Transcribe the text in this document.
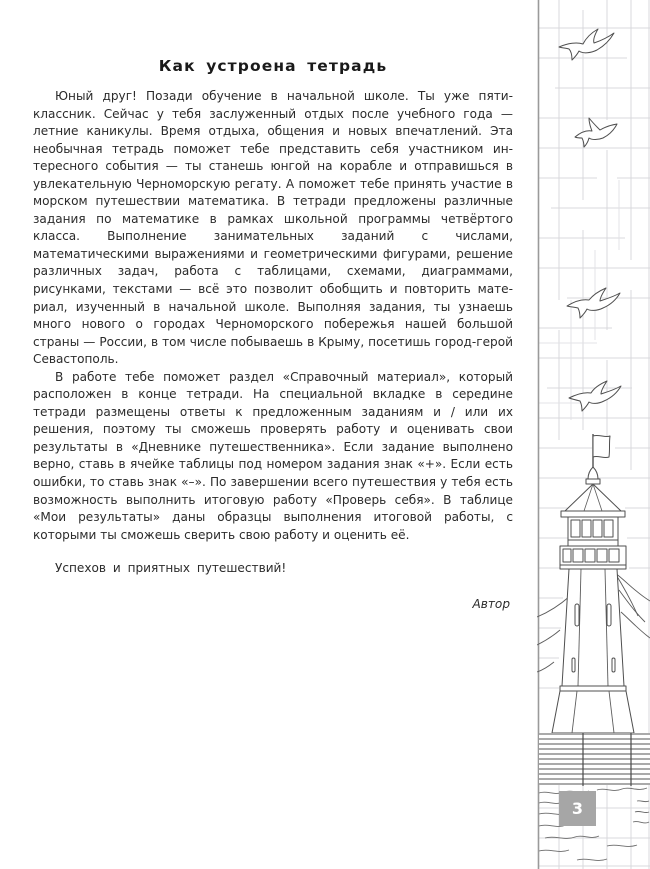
Как устроена тетрадь

Юный друг! Позади обучение в начальной школе. Ты уже пятиклассник. Сейчас у тебя заслуженный отдых после учебного года — летние каникулы. Время отдыха, общения и новых впечатлений. Эта необычная тетрадь поможет тебе представить себя участником интересного события — ты станешь юнгой на корабле и отправишься в увлекательную Черноморскую регату. А поможет тебе принять участие в морском путешествии математика. В тетради предложены различные задания по математике в рамках школьной программы четвёртого класса. Выполнение занимательных заданий с числами, математическими выражениями и геометрическими фигурами, решение различных задач, работа с таблицами, схемами, диаграммами, рисунками, текстами — всё это позволит обобщить и повторить материал, изученный в начальной школе. Выполняя задания, ты узнаешь много нового о городах Черноморского побережья нашей большой страны — России, в том числе побываешь в Крыму, посетишь город-герой Севастополь.

В работе тебе поможет раздел «Справочный материал», который расположен в конце тетради. На специальной вкладке в середине тетради размещены ответы к предложенным заданиям и / или их решения, поэтому ты сможешь проверять работу и оценивать свои результаты в «Дневнике путешественника». Если задание выполнено верно, ставь в ячейке таблицы под номером задания знак «+». Если есть ошибки, то ставь знак «–». По завершении всего путешествия у тебя есть возможность выполнить итоговую работу «Проверь себя». В таблице «Мои результаты» даны образцы выполнения итоговой работы, с которыми ты сможешь сверить свою работу и оценить её.

Успехов и приятных путешествий!

Автор

3
